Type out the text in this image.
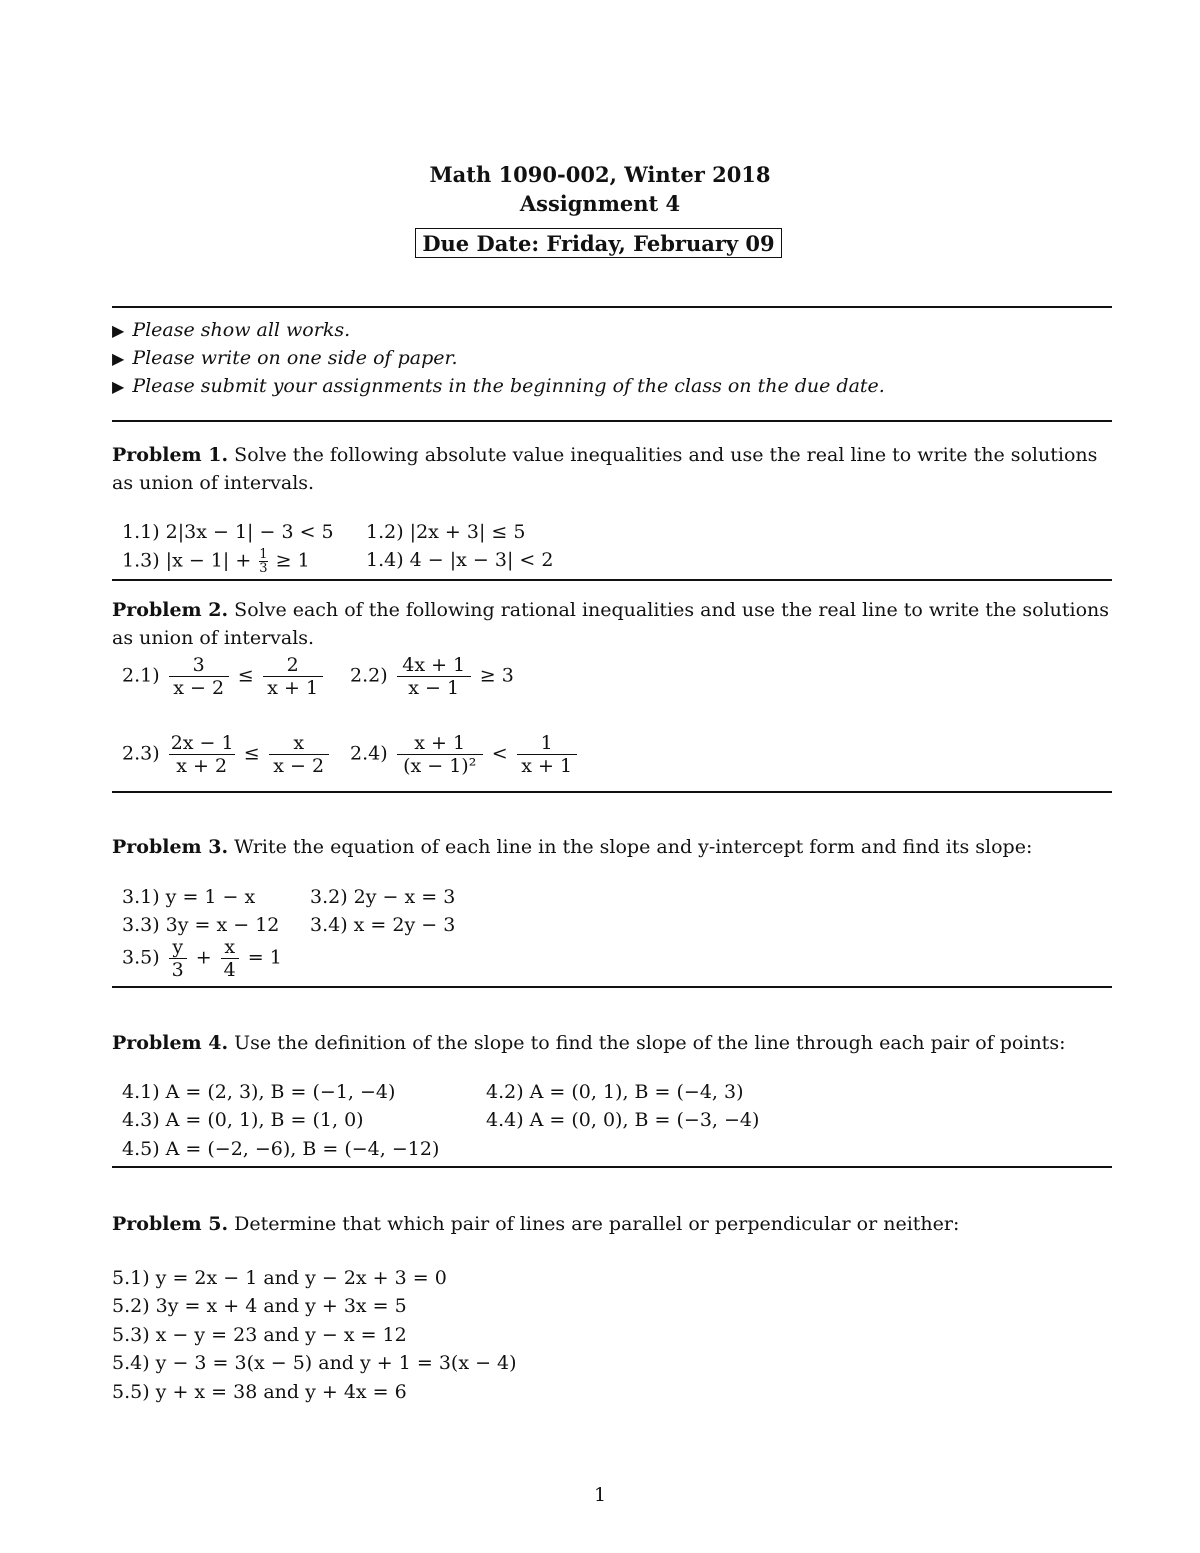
Math 1090-002, Winter 2018
Assignment 4
Due Date: Friday, February 09
▶ Please show all works.
▶ Please write on one side of paper.
▶ Please submit your assignments in the beginning of the class on the due date.
Problem 1. Solve the following absolute value inequalities and use the real line to write the solutions as union of intervals.
1.1) 2|3x − 1| − 3 < 5 1.2) |2x + 3| ≤ 5
1.3) $|x - 1| + \frac{1}{3} \ge 1$	1.4) 4 − |x − 3| < 2
Problem 2. Solve each of the following rational inequalities and use the real line to write the solutions as union of intervals.
$2.1) \frac{3}{x - 2} \le \frac{2}{x + 1} 2.2) \frac{4x + 1}{x - 1} \ge 3$
$2.3) \frac{2x - 1}{x + 2} \le \frac{x}{x - 2} 2.4) \frac{x + 1}{\text{(x − 1)²}} < \frac{1}{x + 1}$
Problem 3. Write the equation of each line in the slope and y-intercept form and find its slope:
3.1) y = 1 − x	3.2) 2y − x = 3
3.3) 3y = x − 12 3.4) x = 2y − 3
$3.5) \frac{y}{3} + \frac{x}{4} = 1$
Problem 4. Use the definition of the slope to find the slope of the line through each pair of points:
4.1) A = (2, 3), B = (−1, −4)	4.2) A = (0, 1), B = (−4, 3)
4.3) A = (0, 1), B = (1, 0)	4.4) A = (0, 0), B = (−3, −4)
4.5) A = (−2, −6), B = (−4, −12)
Problem 5. Determine that which pair of lines are parallel or perpendicular or neither:
5.1) y = 2x − 1 and y − 2x + 3 = 0
5.2) 3y = x + 4 and y + 3x = 5
5.3) x − y = 23 and y − x = 12
5.4) y − 3 = 3(x − 5) and y + 1 = 3(x − 4)
5.5) y + x = 38 and y + 4x = 6
1
